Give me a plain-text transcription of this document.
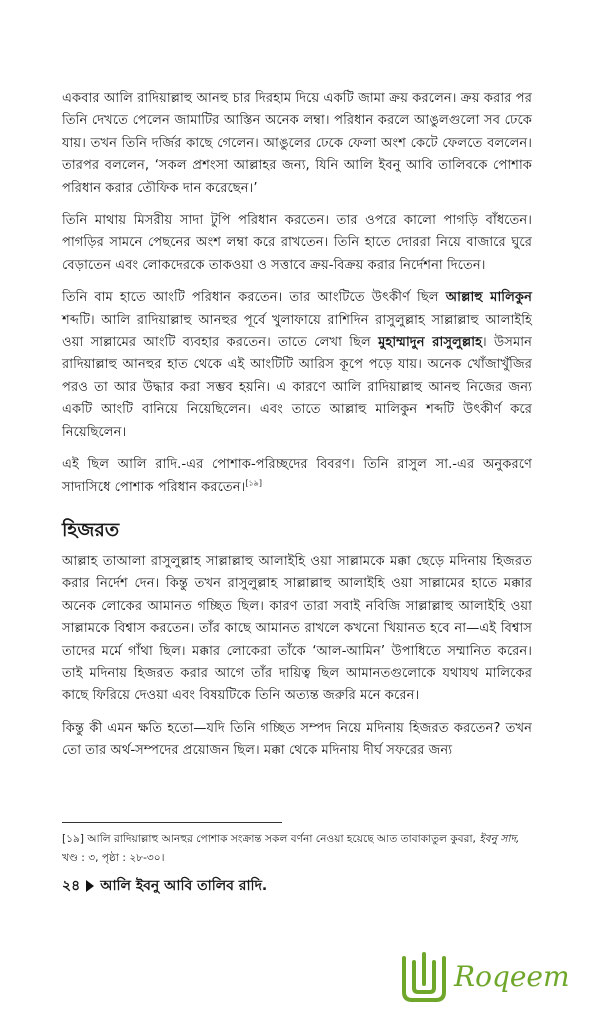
একবার আলি রাদিয়াল্লাহু আনহু চার দিরহাম দিয়ে একটি জামা ক্রয় করলেন। ক্রয় করার পর তিনি দেখতে পেলেন জামাটির আস্তিন অনেক লম্বা। পরিধান করলে আঙুলগুলো সব ঢেকে যায়। তখন তিনি দর্জির কাছে গেলেন। আঙুলের ঢেকে ফেলা অংশ কেটে ফেলতে বললেন। তারপর বললেন, ‘সকল প্রশংসা আল্লাহর জন্য, যিনি আলি ইবনু আবি তালিবকে পোশাক পরিধান করার তৌফিক দান করেছেন।’

তিনি মাথায় মিসরীয় সাদা টুপি পরিধান করতেন। তার ওপরে কালো পাগড়ি বাঁধতেন। পাগড়ির সামনে পেছনের অংশ লম্বা করে রাখতেন। তিনি হাতে দোররা নিয়ে বাজারে ঘুরে বেড়াতেন এবং লোকদেরকে তাকওয়া ও সত্তাবে ক্রয়-বিক্রয় করার নির্দেশনা দিতেন।

তিনি বাম হাতে আংটি পরিধান করতেন। তার আংটিতে উৎকীর্ণ ছিল আল্লাহু মালিকুন শব্দটি। আলি রাদিয়াল্লাহু আনহুর পূর্বে খুলাফায়ে রাশিদিন রাসুলুল্লাহ সাল্লাল্লাহু আলাইহি ওয়া সাল্লামের আংটি ব্যবহার করতেন। তাতে লেখা ছিল মুহাম্মাদুন রাসুলুল্লাহ। উসমান রাদিয়াল্লাহু আনহুর হাত থেকে এই আংটিটি আরিস কূপে পড়ে যায়। অনেক খোঁজাখুঁজির পরও তা আর উদ্ধার করা সম্ভব হয়নি। এ কারণে আলি রাদিয়াল্লাহু আনহু নিজের জন্য একটি আংটি বানিয়ে নিয়েছিলেন। এবং তাতে আল্লাহু মালিকুন শব্দটি উৎকীর্ণ করে নিয়েছিলেন।

এই ছিল আলি রাদি.-এর পোশাক-পরিচ্ছদের বিবরণ। তিনি রাসুল সা.-এর অনুকরণে সাদাসিধে পোশাক পরিধান করতেন।[১৯]

হিজরত

আল্লাহ তাআলা রাসুলুল্লাহ সাল্লাল্লাহু আলাইহি ওয়া সাল্লামকে মক্কা ছেড়ে মদিনায় হিজরত করার নির্দেশ দেন। কিন্তু তখন রাসুলুল্লাহ সাল্লাল্লাহু আলাইহি ওয়া সাল্লামের হাতে মক্কার অনেক লোকের আমানত গচ্ছিত ছিল। কারণ তারা সবাই নবিজি সাল্লাল্লাহু আলাইহি ওয়া সাল্লামকে বিশ্বাস করতেন। তাঁর কাছে আমানত রাখলে কখনো খিয়ানত হবে না—এই বিশ্বাস তাদের মর্মে গাঁথা ছিল। মক্কার লোকেরা তাঁকে ‘আল-আমিন’ উপাধিতে সম্মানিত করেন। তাই মদিনায় হিজরত করার আগে তাঁর দায়িত্ব ছিল আমানতগুলোকে যথাযথ মালিকের কাছে ফিরিয়ে দেওয়া এবং বিষয়টিকে তিনি অত্যন্ত জরুরি মনে করেন।

কিন্তু কী এমন ক্ষতি হতো—যদি তিনি গচ্ছিত সম্পদ নিয়ে মদিনায় হিজরত করতেন? তখন তো তার অর্থ-সম্পদের প্রয়োজন ছিল। মক্কা থেকে মদিনায় দীর্ঘ সফরের জন্য

[১৯] আলি রাদিয়াল্লাহু আনহুর পোশাক সংক্রান্ত সকল বর্ণনা নেওয়া হয়েছে আত তাবাকাতুল কুবরা, ইবনু সাদ, খণ্ড : ৩, পৃষ্ঠা : ২৮-৩০।
২৪ আলি ইবনু আবি তালিব রাদি.
Roqeem
